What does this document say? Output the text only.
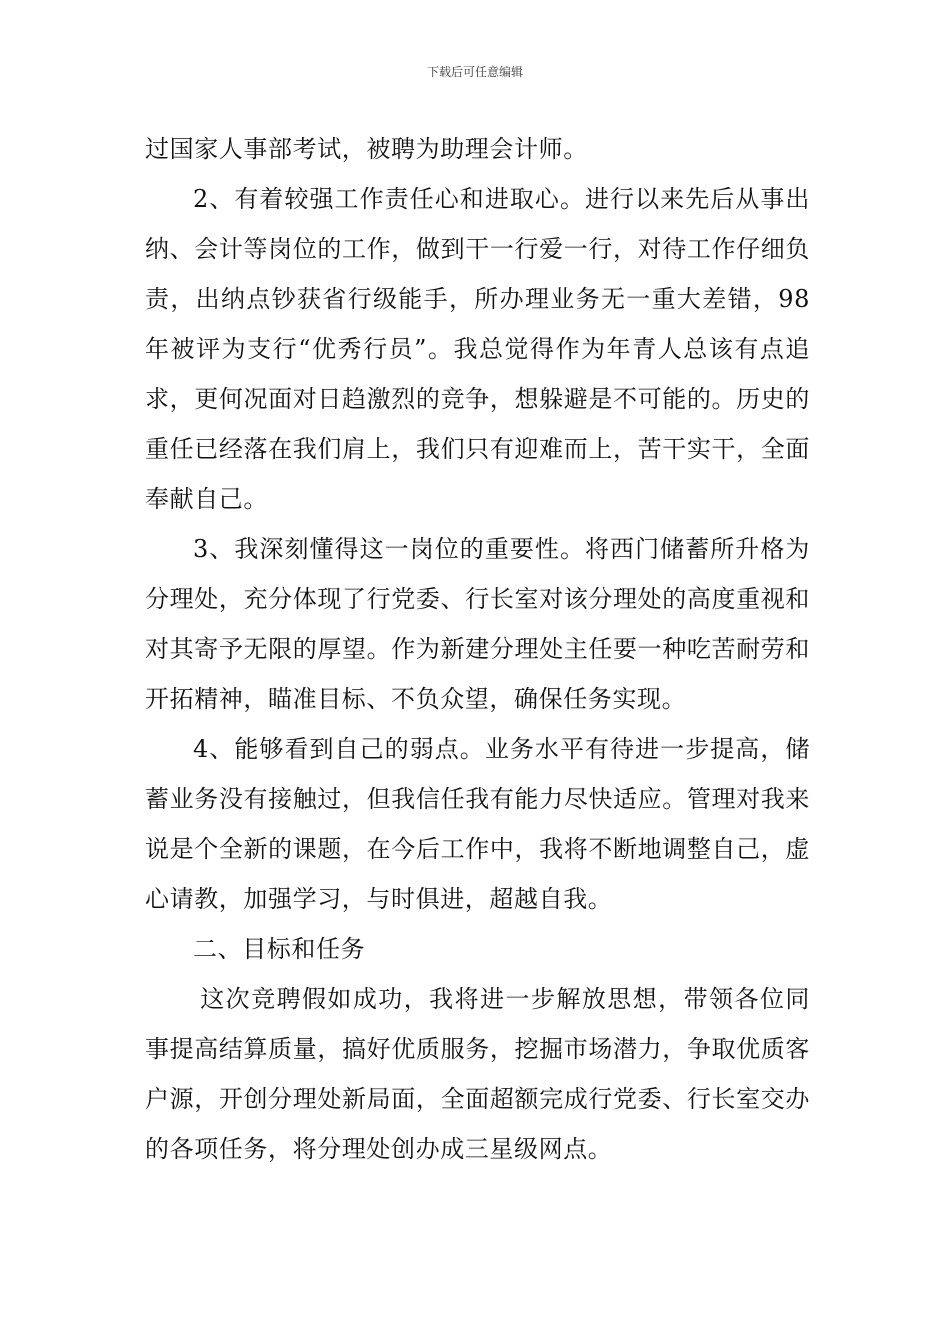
下载后可任意编辑

过国家人事部考试，被聘为助理会计师。

2、有着较强工作责任心和进取心。进行以来先后从事出纳、会计等岗位的工作，做到干一行爱一行，对待工作仔细负责，出纳点钞获省行级能手，所办理业务无一重大差错，98年被评为支行“优秀行员”。我总觉得作为年青人总该有点追求，更何况面对日趋激烈的竞争，想躲避是不可能的。历史的重任已经落在我们肩上，我们只有迎难而上，苦干实干，全面奉献自己。

3、我深刻懂得这一岗位的重要性。将西门储蓄所升格为分理处，充分体现了行党委、行长室对该分理处的高度重视和对其寄予无限的厚望。作为新建分理处主任要一种吃苦耐劳和开拓精神，瞄准目标、不负众望，确保任务实现。

4、能够看到自己的弱点。业务水平有待进一步提高，储蓄业务没有接触过，但我信任我有能力尽快适应。管理对我来说是个全新的课题，在今后工作中，我将不断地调整自己，虚心请教，加强学习，与时俱进，超越自我。

二、目标和任务

这次竞聘假如成功，我将进一步解放思想，带领各位同事提高结算质量，搞好优质服务，挖掘市场潜力，争取优质客户源，开创分理处新局面，全面超额完成行党委、行长室交办的各项任务，将分理处创办成三星级网点。
